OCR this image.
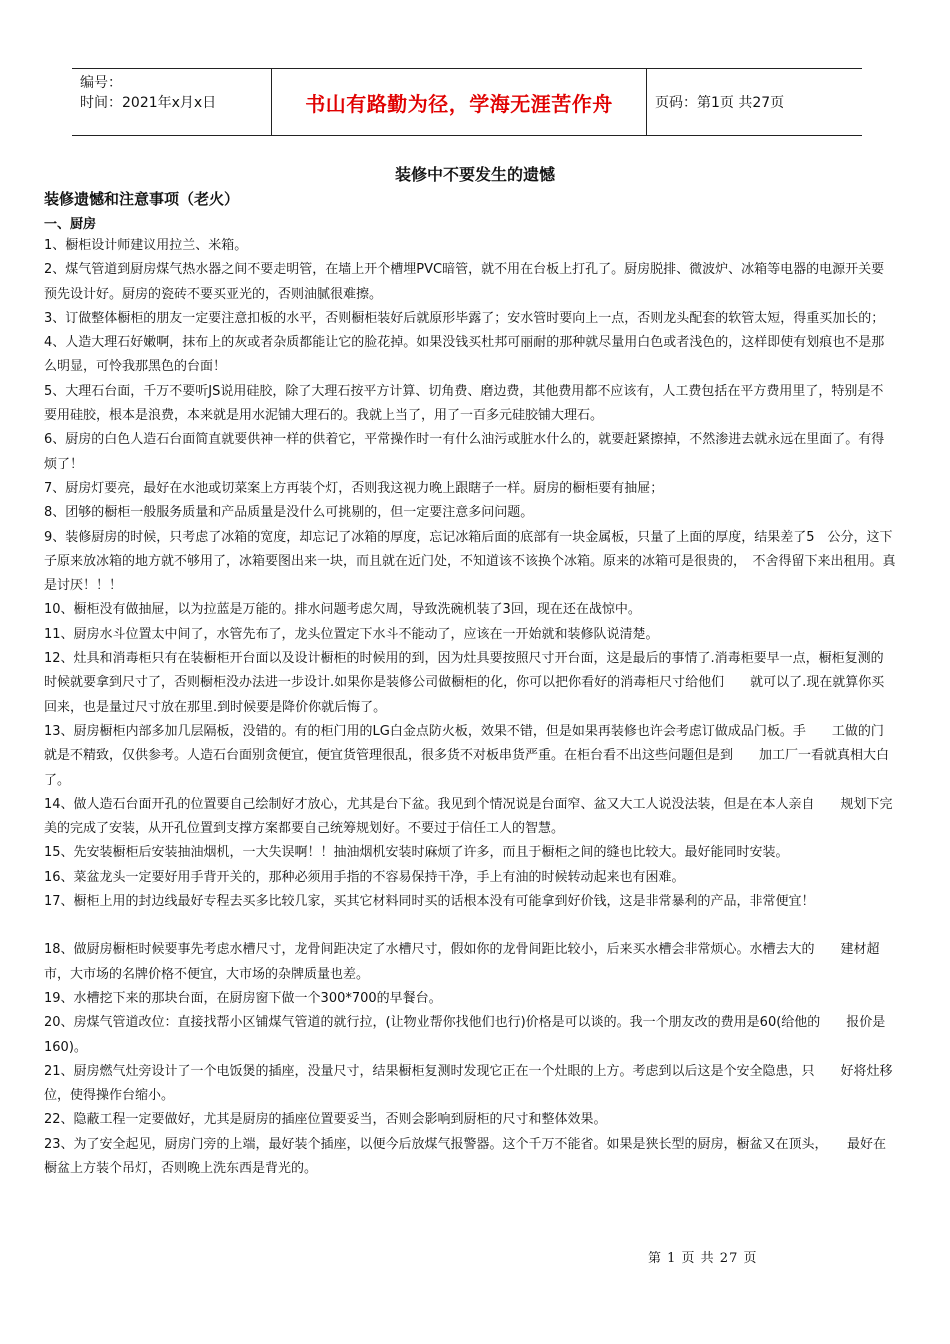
编号：
时间：2021年x月x日	书山有路勤为径，学海无涯苦作舟	页码：第1页 共27页
装修中不要发生的遗憾
装修遗憾和注意事项（老火）
一、厨房

1、橱柜设计师建议用拉兰、米箱。

2、煤气管道到厨房煤气热水器之间不要走明管，在墙上开个槽埋PVC暗管，就不用在台板上打孔了。厨房脱排、微波炉、冰箱等电器的电源开关要预先设计好。厨房的瓷砖不要买亚光的，否则油腻很难擦。

3、订做整体橱柜的朋友一定要注意扣板的水平，否则橱柜装好后就原形毕露了；安水管时要向上一点，否则龙头配套的软管太短，得重买加长的；

4、人造大理石好嫩啊，抹布上的灰或者杂质都能让它的脸花掉。如果没钱买杜邦可丽耐的那种就尽量用白色或者浅色的，这样即使有划痕也不是那么明显，可怜我那黑色的台面！

5、大理石台面，千万不要听JS说用硅胶，除了大理石按平方计算、切角费、磨边费，其他费用都不应该有，人工费包括在平方费用里了，特别是不要用硅胶，根本是浪费，本来就是用水泥铺大理石的。我就上当了，用了一百多元硅胶铺大理石。

6、厨房的白色人造石台面简直就要供神一样的供着它，平常操作时一有什么油污或脏水什么的，就要赶紧擦掉，不然渗进去就永远在里面了。有得烦了！

7、厨房灯要亮，最好在水池或切菜案上方再装个灯，否则我这视力晚上跟瞎子一样。厨房的橱柜要有抽屉；

8、团够的橱柜一般服务质量和产品质量是没什么可挑剔的，但一定要注意多问问题。

9、装修厨房的时候，只考虑了冰箱的宽度，却忘记了冰箱的厚度，忘记冰箱后面的底部有一块金属板，只量了上面的厚度，结果差了5　公分，这下子原来放冰箱的地方就不够用了，冰箱要图出来一块，而且就在近门处，不知道该不该换个冰箱。原来的冰箱可是很贵的，　不舍得留下来出租用。真是讨厌！！！

10、橱柜没有做抽屉，以为拉蓝是万能的。排水问题考虑欠周，导致洗碗机装了3回，现在还在战惊中。

11、厨房水斗位置太中间了，水管先布了，龙头位置定下水斗不能动了，应该在一开始就和装修队说清楚。

12、灶具和消毒柜只有在装橱柜开台面以及设计橱柜的时候用的到，因为灶具要按照尺寸开台面，这是最后的事情了.消毒柜要早一点，橱柜复测的时候就要拿到尺寸了，否则橱柜没办法进一步设计.如果你是装修公司做橱柜的化，你可以把你看好的消毒柜尺寸给他们　　就可以了.现在就算你买回来，也是量过尺寸放在那里.到时候要是降价你就后悔了。

13、厨房橱柜内部多加几层隔板，没错的。有的柜门用的LG白金点防火板，效果不错，但是如果再装修也许会考虑订做成品门板。手　　工做的门就是不精致，仅供参考。人造石台面别贪便宜，便宜货管理很乱，很多货不对板串货严重。在柜台看不出这些问题但是到　　加工厂一看就真相大白了。

14、做人造石台面开孔的位置要自己绘制好才放心，尤其是台下盆。我见到个情况说是台面窄、盆又大工人说没法装，但是在本人亲自　　规划下完美的完成了安装，从开孔位置到支撑方案都要自己统筹规划好。不要过于信任工人的智慧。

15、先安装橱柜后安装抽油烟机，一大失误啊！！抽油烟机安装时麻烦了许多，而且于橱柜之间的缝也比较大。最好能同时安装。

16、菜盆龙头一定要好用手背开关的，那种必须用手指的不容易保持干净，手上有油的时候转动起来也有困难。

17、橱柜上用的封边线最好专程去买多比较几家，买其它材料同时买的话根本没有可能拿到好价钱，这是非常暴利的产品，非常便宜！

18、做厨房橱柜时候要事先考虑水槽尺寸，龙骨间距决定了水槽尺寸，假如你的龙骨间距比较小，后来买水槽会非常烦心。水槽去大的　　建材超市，大市场的名牌价格不便宜，大市场的杂牌质量也差。

19、水槽挖下来的那块台面，在厨房窗下做一个300*700的早餐台。

20、房煤气管道改位：直接找帮小区铺煤气管道的就行拉，(让物业帮你找他们也行)价格是可以谈的。我一个朋友改的费用是60(给他的　　报价是160)。

21、厨房燃气灶旁设计了一个电饭煲的插座，没量尺寸，结果橱柜复测时发现它正在一个灶眼的上方。考虑到以后这是个安全隐患，只　　好将灶移位，使得操作台缩小。

22、隐蔽工程一定要做好，尤其是厨房的插座位置要妥当，否则会影响到厨柜的尺寸和整体效果。

23、为了安全起见，厨房门旁的上端，最好装个插座，以便今后放煤气报警器。这个千万不能省。如果是狭长型的厨房，橱盆又在顶头，　　最好在橱盆上方装个吊灯，否则晚上洗东西是背光的。

第 1 页 共 27 页
